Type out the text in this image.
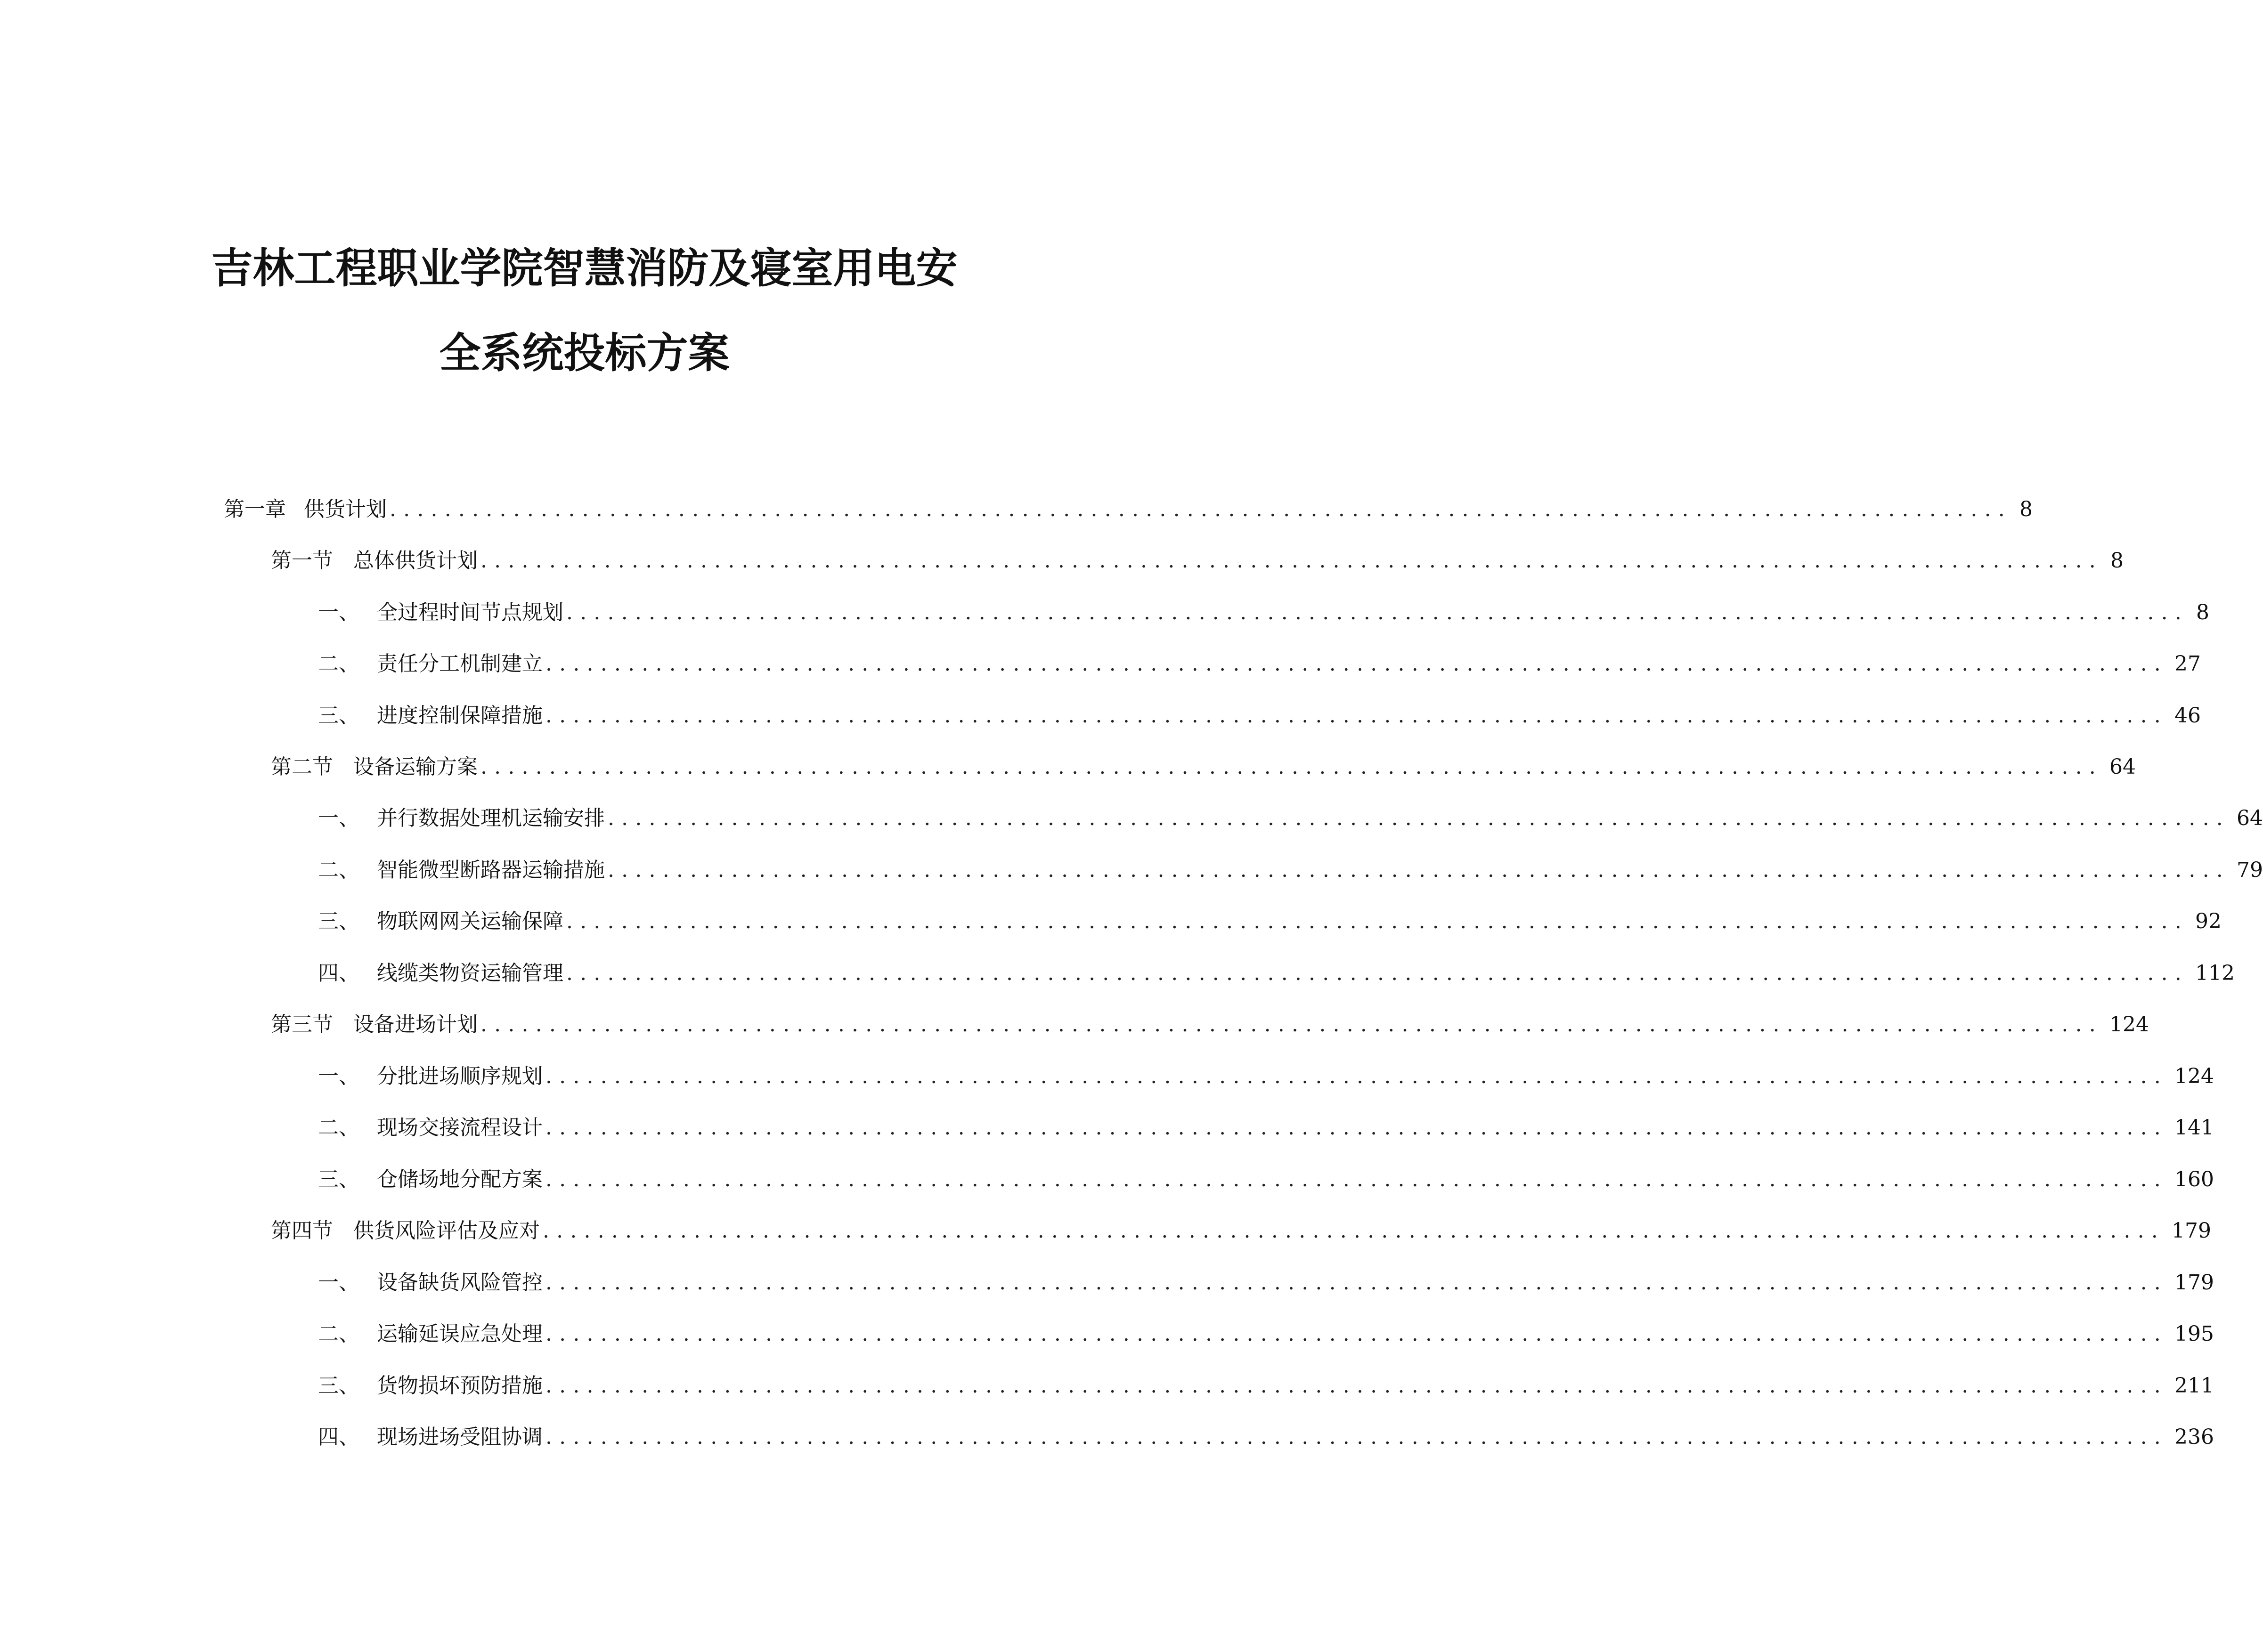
吉林工程职业学院智慧消防及寝室用电安
全系统投标方案
第一章 供货计划 ...................................................................................................................... 8
第一节 总体供货计划 ...................................................................................................................... 8
一、 全过程时间节点规划 ...................................................................................................................... 8
二、 责任分工机制建立 ...................................................................................................................... 27
三、 进度控制保障措施 ...................................................................................................................... 46
第二节 设备运输方案 ...................................................................................................................... 64
一、 并行数据处理机运输安排 ...................................................................................................................... 64
二、 智能微型断路器运输措施 ...................................................................................................................... 79
三、 物联网网关运输保障 ...................................................................................................................... 92
四、 线缆类物资运输管理 ...................................................................................................................... 112
第三节 设备进场计划 ...................................................................................................................... 124
一、 分批进场顺序规划 ...................................................................................................................... 124
二、 现场交接流程设计 ...................................................................................................................... 141
三、 仓储场地分配方案 ...................................................................................................................... 160
第四节 供货风险评估及应对 ...................................................................................................................... 179
一、 设备缺货风险管控 ...................................................................................................................... 179
二、 运输延误应急处理 ...................................................................................................................... 195
三、 货物损坏预防措施 ...................................................................................................................... 211
四、 现场进场受阻协调 ...................................................................................................................... 236
